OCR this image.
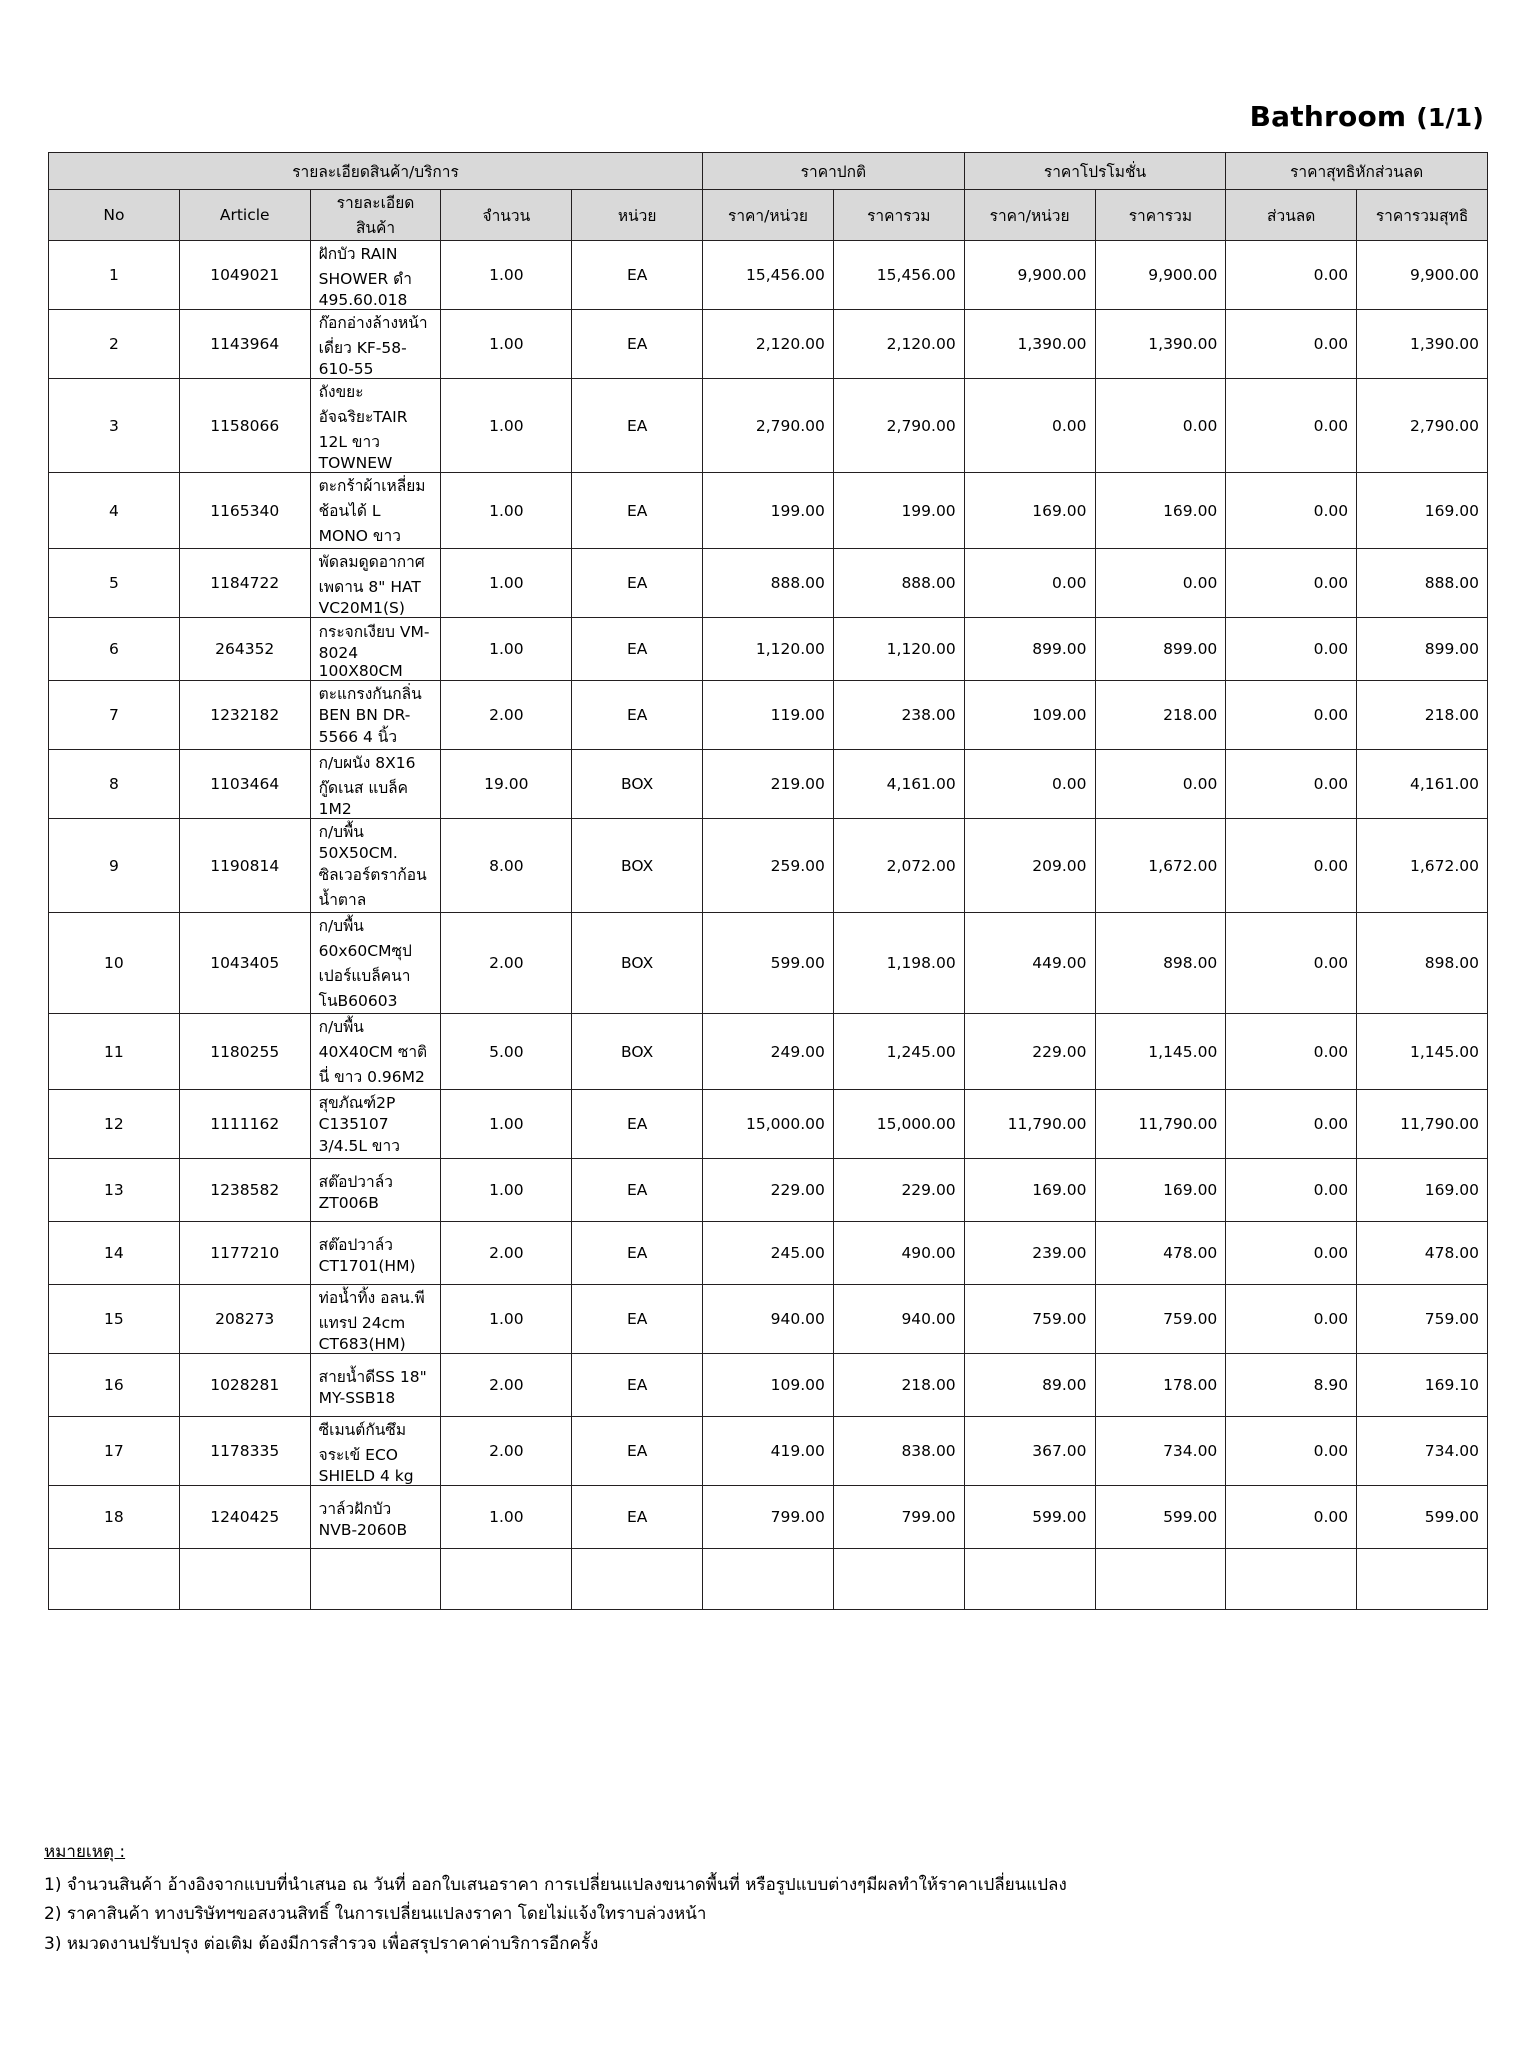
Bathroom (1/1)
รายละเอียดสินค้า/บริการ					ราคาปกติ		ราคาโปรโมชั่น		ราคาสุทธิหักส่วนลด	
No	Article	รายละเอียดสินค้า	จำนวน	หน่วย	ราคา/หน่วย	ราคารวม	ราคา/หน่วย	ราคารวม	ส่วนลด	ราคารวมสุทธิ
1	1049021	ฝักบัว RAIN SHOWER ดำ 495.60.018	1.00	EA	15,456.00	15,456.00	9,900.00	9,900.00	0.00	9,900.00
2	1143964	ก๊อกอ่างล้างหน้า เดี่ยว KF-58-610-55	1.00	EA	2,120.00	2,120.00	1,390.00	1,390.00	0.00	1,390.00
3	1158066	ถังขยะอัจฉริยะTAIR 12L ขาว TOWNEW	1.00	EA	2,790.00	2,790.00	0.00	0.00	0.00	2,790.00
4	1165340	ตะกร้าผ้าเหลี่ยมช้อนได้ L MONO ขาว	1.00	EA	199.00	199.00	169.00	169.00	0.00	169.00
5	1184722	พัดลมดูดอากาศเพดาน 8" HAT VC20M1(S)	1.00	EA	888.00	888.00	0.00	0.00	0.00	888.00
6	264352	กระจกเงียบ VM-8024 100X80CM	1.00	EA	1,120.00	1,120.00	899.00	899.00	0.00	899.00
7	1232182	ตะแกรงกันกลิ่น BEN BN DR-5566 4 นิ้ว	2.00	EA	119.00	238.00	109.00	218.00	0.00	218.00
8	1103464	ก/บผนัง 8X16 กู๊ดเนส แบล็ค 1M2	19.00	BOX	219.00	4,161.00	0.00	0.00	0.00	4,161.00
9	1190814	ก/บพื้น 50X50CM. ซิลเวอร์ตราก้อน น้ำตาล	8.00	BOX	259.00	2,072.00	209.00	1,672.00	0.00	1,672.00
10	1043405	ก/บพื้น 60x60CMซุปเปอร์แบล็คนาโนB60603	2.00	BOX	599.00	1,198.00	449.00	898.00	0.00	898.00
11	1180255	ก/บพื้น 40X40CM ซาตินี่ ขาว 0.96M2	5.00	BOX	249.00	1,245.00	229.00	1,145.00	0.00	1,145.00
12	1111162	สุขภัณฑ์2P C135107 3/4.5L ขาว	1.00	EA	15,000.00	15,000.00	11,790.00	11,790.00	0.00	11,790.00
13	1238582	สต๊อปวาล์ว ZT006B	1.00	EA	229.00	229.00	169.00	169.00	0.00	169.00
14	1177210	สต๊อปวาล์ว CT1701(HM)	2.00	EA	245.00	490.00	239.00	478.00	0.00	478.00
15	208273	ท่อน้ำทิ้ง อลน.พีแทรป 24cm CT683(HM)	1.00	EA	940.00	940.00	759.00	759.00	0.00	759.00
16	1028281	สายน้ำดีSS 18" MY-SSB18	2.00	EA	109.00	218.00	89.00	178.00	8.90	169.10
17	1178335	ซีเมนต์กันซึม จระเข้ ECO SHIELD 4 kg	2.00	EA	419.00	838.00	367.00	734.00	0.00	734.00
18	1240425	วาล์วฝักบัว NVB-2060B	1.00	EA	799.00	799.00	599.00	599.00	0.00	599.00

หมายเหตุ :
1) จำนวนสินค้า อ้างอิงจากแบบที่นำเสนอ ณ วันที่ ออกใบเสนอราคา การเปลี่ยนแปลงขนาดพื้นที่ หรือรูปแบบต่างๆมีผลทำให้ราคาเปลี่ยนแปลง
2) ราคาสินค้า ทางบริษัทฯขอสงวนสิทธิ์ ในการเปลี่ยนแปลงราคา โดยไม่แจ้งใทราบล่วงหน้า
3) หมวดงานปรับปรุง ต่อเติม ต้องมีการสำรวจ เพื่อสรุปราคาค่าบริการอีกครั้ง
